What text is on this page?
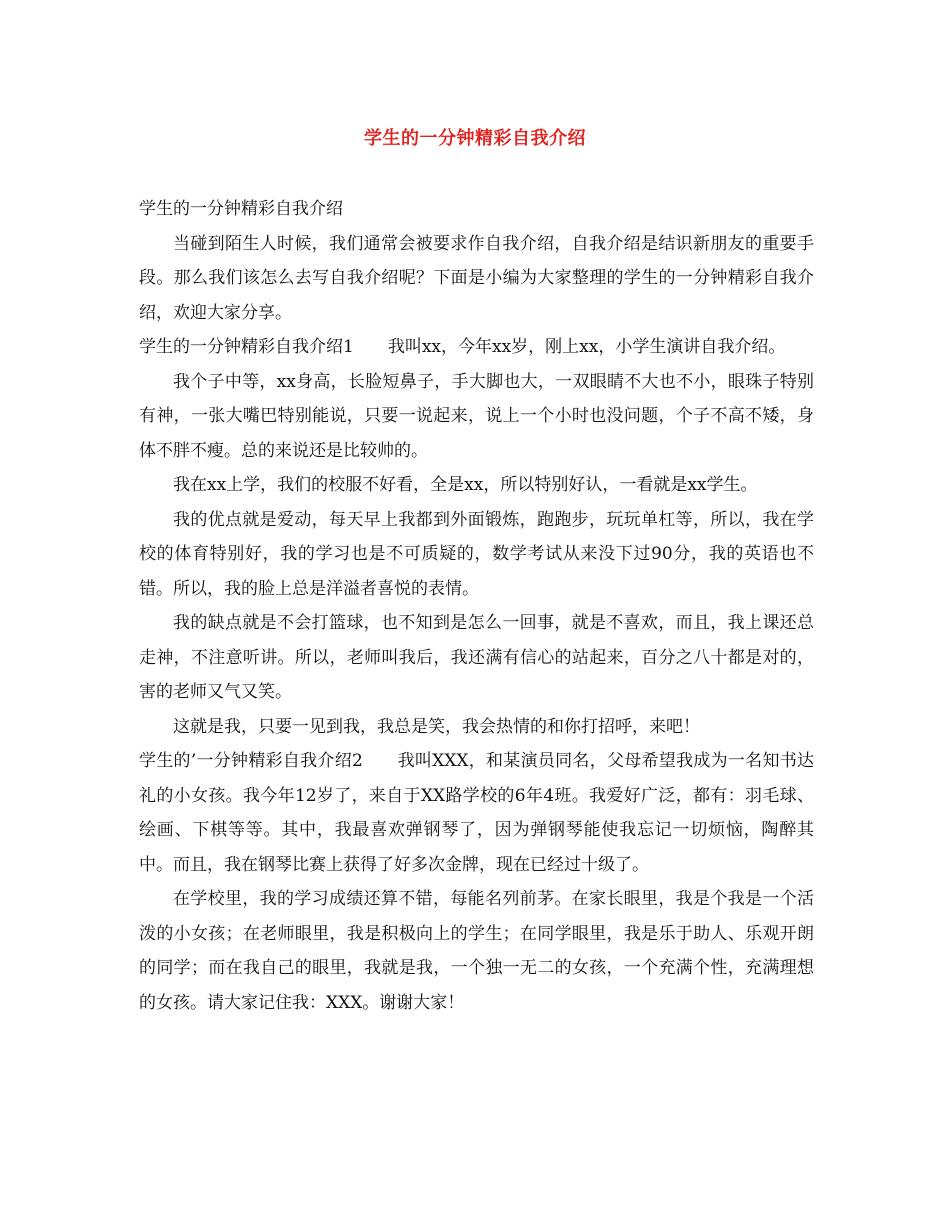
学生的一分钟精彩自我介绍

学生的一分钟精彩自我介绍

当碰到陌生人时候，我们通常会被要求作自我介绍，自我介绍是结识新朋友的重要手段。那么我们该怎么去写自我介绍呢？下面是小编为大家整理的学生的一分钟精彩自我介绍，欢迎大家分享。

学生的一分钟精彩自我介绍1　　我叫xx，今年xx岁，刚上xx，小学生演讲自我介绍。

我个子中等，xx身高，长脸短鼻子，手大脚也大，一双眼睛不大也不小，眼珠子特别有神，一张大嘴巴特别能说，只要一说起来，说上一个小时也没问题，个子不高不矮，身体不胖不瘦。总的来说还是比较帅的。

我在xx上学，我们的校服不好看，全是xx，所以特别好认，一看就是xx学生。

我的优点就是爱动，每天早上我都到外面锻炼，跑跑步，玩玩单杠等，所以，我在学校的体育特别好，我的学习也是不可质疑的，数学考试从来没下过90分，我的英语也不错。所以，我的脸上总是洋溢者喜悦的表情。

我的缺点就是不会打篮球，也不知到是怎么一回事，就是不喜欢，而且，我上课还总走神，不注意听讲。所以，老师叫我后，我还满有信心的站起来，百分之八十都是对的，害的老师又气又笑。

这就是我，只要一见到我，我总是笑，我会热情的和你打招呼，来吧！

学生的’一分钟精彩自我介绍2　　我叫XXX，和某演员同名，父母希望我成为一名知书达礼的小女孩。我今年12岁了，来自于XX路学校的6年4班。我爱好广泛，都有：羽毛球、绘画、下棋等等。其中，我最喜欢弹钢琴了，因为弹钢琴能使我忘记一切烦恼，陶醉其中。而且，我在钢琴比赛上获得了好多次金牌，现在已经过十级了。

在学校里，我的学习成绩还算不错，每能名列前茅。在家长眼里，我是个我是一个活泼的小女孩；在老师眼里，我是积极向上的学生；在同学眼里，我是乐于助人、乐观开朗的同学；而在我自己的眼里，我就是我，一个独一无二的女孩，一个充满个性，充满理想的女孩。请大家记住我：XXX。谢谢大家！
